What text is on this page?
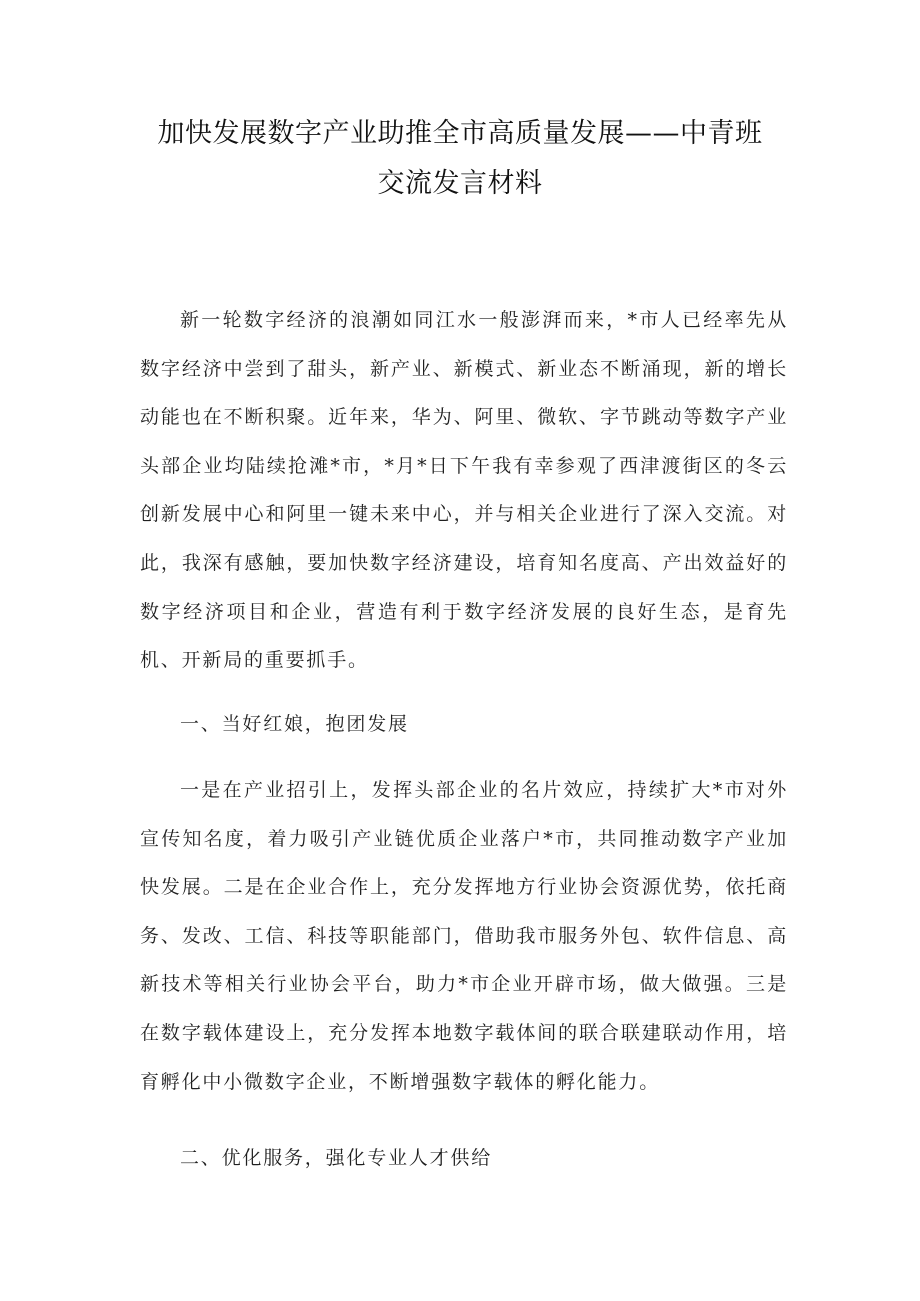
加快发展数字产业助推全市高质量发展——中青班
交流发言材料

新一轮数字经济的浪潮如同江水一般澎湃而来，*市人已经率先从数字经济中尝到了甜头，新产业、新模式、新业态不断涌现，新的增长动能也在不断积聚。近年来，华为、阿里、微软、字节跳动等数字产业头部企业均陆续抢滩*市，*月*日下午我有幸参观了西津渡街区的冬云创新发展中心和阿里一键未来中心，并与相关企业进行了深入交流。对此，我深有感触，要加快数字经济建设，培育知名度高、产出效益好的数字经济项目和企业，营造有利于数字经济发展的良好生态，是育先机、开新局的重要抓手。

一、当好红娘，抱团发展

一是在产业招引上，发挥头部企业的名片效应，持续扩大*市对外宣传知名度，着力吸引产业链优质企业落户*市，共同推动数字产业加快发展。二是在企业合作上，充分发挥地方行业协会资源优势，依托商务、发改、工信、科技等职能部门，借助我市服务外包、软件信息、高新技术等相关行业协会平台，助力*市企业开辟市场，做大做强。三是在数字载体建设上，充分发挥本地数字载体间的联合联建联动作用，培育孵化中小微数字企业，不断增强数字载体的孵化能力。

二、优化服务，强化专业人才供给
